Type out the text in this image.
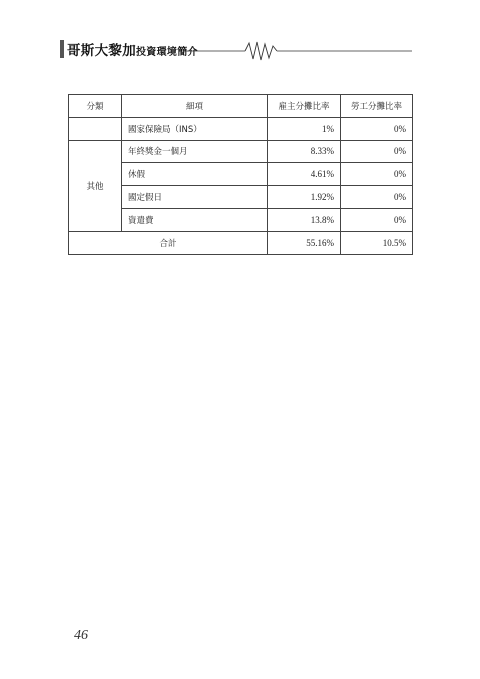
哥斯大黎加投資環境簡介
分類	細項	雇主分攤比率	勞工分攤比率
	國家保險局（INS）	1%	0%
其他	年終獎金一個月	8.33%	0%
	休假	4.61%	0%
	國定假日	1.92%	0%
	資遣費	13.8%	0%
合計		55.16%	10.5%
46
